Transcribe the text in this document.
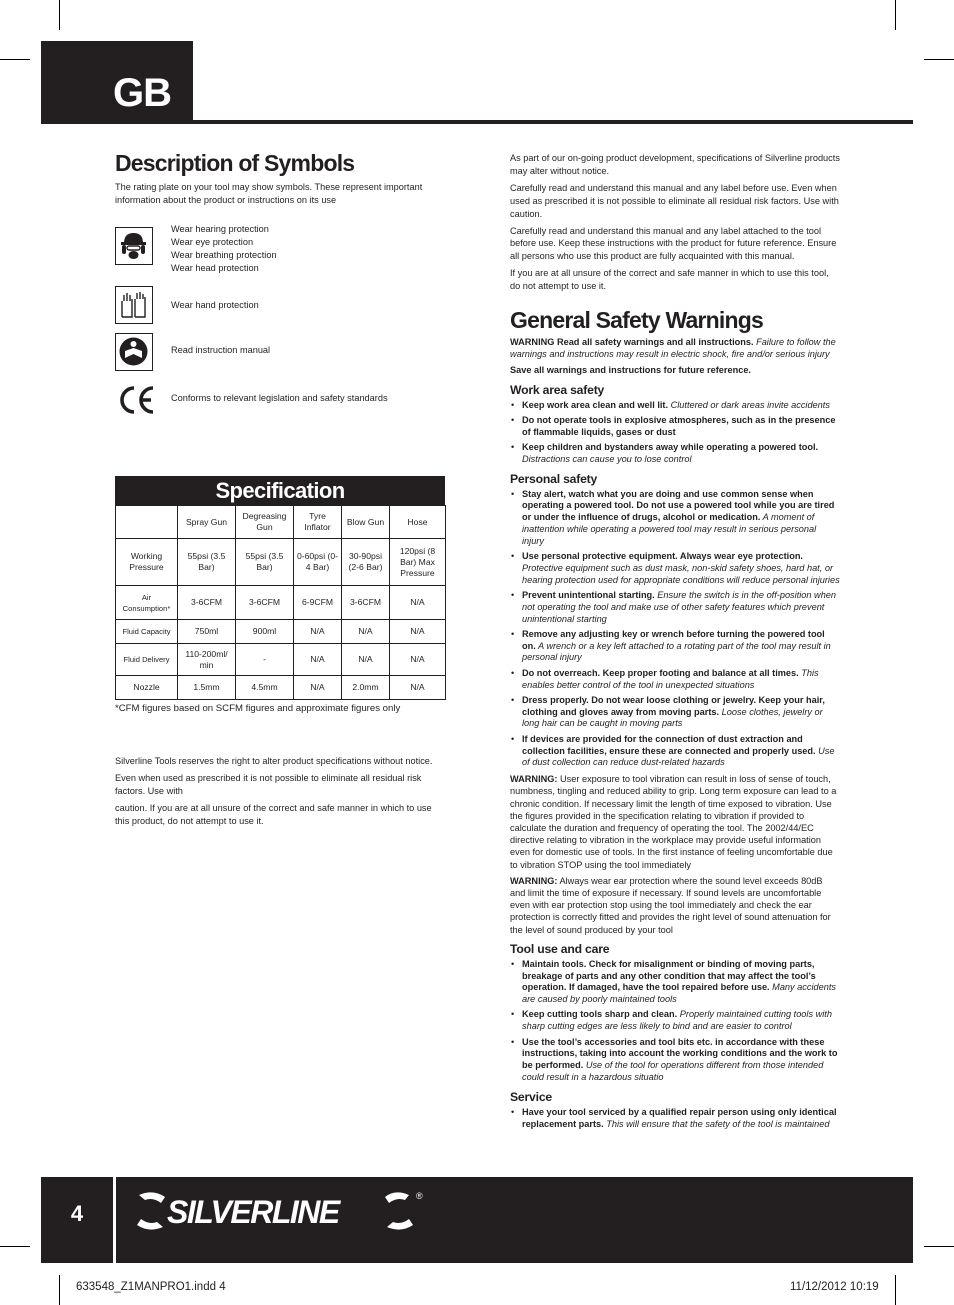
GB
Description of Symbols
The rating plate on your tool may show symbols. These represent important information about the product or instructions on its use
Wear hearing protection
Wear eye protection
Wear breathing protection
Wear head protection
Wear hand protection
Read instruction manual
Conforms to relevant legislation and safety standards
Specification
	Spray Gun	Degreasing Gun	Tyre Inflator	Blow Gun	Hose
Working Pressure	55psi (3.5 Bar)	55psi (3.5 Bar)	0-60psi (0-4 Bar)	30-90psi (2-6 Bar)	120psi (8 Bar) Max Pressure
Air Consumption*	3-6CFM	3-6CFM	6-9CFM	3-6CFM	N/A
Fluid Capacity	750ml	900ml	N/A	N/A	N/A
Fluid Delivery	110-200ml/ min	-	N/A	N/A	N/A
Nozzle	1.5mm	4.5mm	N/A	2.0mm	N/A
*CFM figures based on SCFM figures and approximate figures only

Silverline Tools reserves the right to alter product specifications without notice.

Even when used as prescribed it is not possible to eliminate all residual risk factors. Use with

caution. If you are at all unsure of the correct and safe manner in which to use this product, do not attempt to use it.

As part of our on-going product development, specifications of Silverline products may alter without notice.

Carefully read and understand this manual and any label before use. Even when used as prescribed it is not possible to eliminate all residual risk factors. Use with caution.

Carefully read and understand this manual and any label attached to the tool before use. Keep these instructions with the product for future reference. Ensure all persons who use this product are fully acquainted with this manual.

If you are at all unsure of the correct and safe manner in which to use this tool, do not attempt to use it.

General Safety Warnings

WARNING Read all safety warnings and all instructions. Failure to follow the warnings and instructions may result in electric shock, fire and/or serious injury

Save all warnings and instructions for future reference.

Work area safety
• Keep work area clean and well lit. Cluttered or dark areas invite accidents
• Do not operate tools in explosive atmospheres, such as in the presence of flammable liquids, gases or dust
• Keep children and bystanders away while operating a powered tool. Distractions can cause you to lose control
Personal safety
• Stay alert, watch what you are doing and use common sense when operating a powered tool. Do not use a powered tool while you are tired or under the influence of drugs, alcohol or medication. A moment of inattention while operating a powered tool may result in serious personal injury
• Use personal protective equipment. Always wear eye protection. Protective equipment such as dust mask, non-skid safety shoes, hard hat, or hearing protection used for appropriate conditions will reduce personal injuries
• Prevent unintentional starting. Ensure the switch is in the off-position when not operating the tool and make use of other safety features which prevent unintentional starting
• Remove any adjusting key or wrench before turning the powered tool on. A wrench or a key left attached to a rotating part of the tool may result in personal injury
• Do not overreach. Keep proper footing and balance at all times. This enables better control of the tool in unexpected situations
• Dress properly. Do not wear loose clothing or jewelry. Keep your hair, clothing and gloves away from moving parts. Loose clothes, jewelry or long hair can be caught in moving parts
• If devices are provided for the connection of dust extraction and collection facilities, ensure these are connected and properly used. Use of dust collection can reduce dust-related hazards

WARNING: User exposure to tool vibration can result in loss of sense of touch, numbness, tingling and reduced ability to grip. Long term exposure can lead to a chronic condition. If necessary limit the length of time exposed to vibration. Use the figures provided in the specification relating to vibration if provided to calculate the duration and frequency of operating the tool. The 2002/44/EC directive relating to vibration in the workplace may provide useful information even for domestic use of tools. In the first instance of feeling uncomfortable due to vibration STOP using the tool immediately

WARNING: Always wear ear protection where the sound level exceeds 80dB and limit the time of exposure if necessary. If sound levels are uncomfortable even with ear protection stop using the tool immediately and check the ear protection is correctly fitted and provides the right level of sound attenuation for the level of sound produced by your tool

Tool use and care
• Maintain tools. Check for misalignment or binding of moving parts, breakage of parts and any other condition that may affect the tool’s operation. If damaged, have the tool repaired before use. Many accidents are caused by poorly maintained tools
• Keep cutting tools sharp and clean. Properly maintained cutting tools with sharp cutting edges are less likely to bind and are easier to control
• Use the tool’s accessories and tool bits etc. in accordance with these instructions, taking into account the working conditions and the work to be performed. Use of the tool for operations different from those intended could result in a hazardous situatio
Service
• Have your tool serviced by a qualified repair person using only identical replacement parts. This will ensure that the safety of the tool is maintained
4	SILVERLINE	®
633548_Z1MANPRO1.indd 4	11/12/2012 10:19
